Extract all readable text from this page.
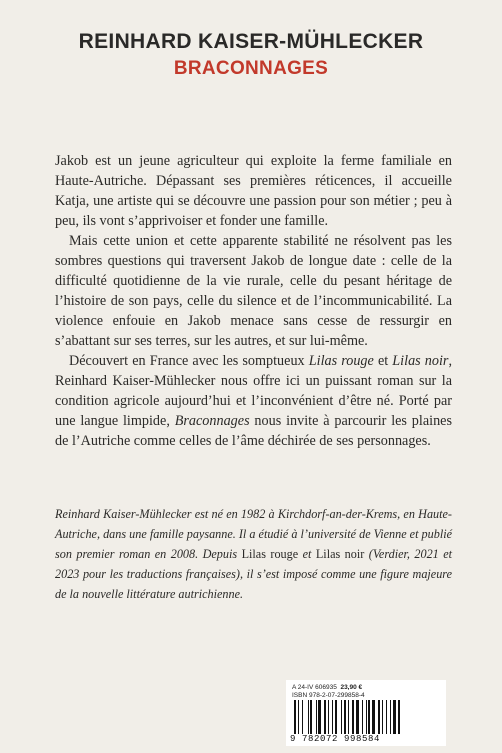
REINHARD KAISER-MÜHLECKER
BRACONNAGES

Jakob est un jeune agriculteur qui exploite la ferme familiale en Haute-Autriche. Dépassant ses premières réticences, il accueille Katja, une artiste qui se découvre une passion pour son métier ; peu à peu, ils vont s’apprivoiser et fonder une famille.

Mais cette union et cette apparente stabilité ne résolvent pas les sombres questions qui traversent Jakob de longue date : celle de la difficulté quotidienne de la vie rurale, celle du pesant héritage de l’histoire de son pays, celle du silence et de l’incommunicabilité. La violence enfouie en Jakob menace sans cesse de ressurgir en s’abattant sur ses terres, sur les autres, et sur lui-même.

Découvert en France avec les somptueux Lilas rouge et Lilas noir, Reinhard Kaiser-Mühlecker nous offre ici un puissant roman sur la condition agricole aujourd’hui et l’inconvénient d’être né. Porté par une langue limpide, Braconnages nous invite à parcourir les plaines de l’Autriche comme celles de l’âme déchirée de ses personnages.

Reinhard Kaiser-Mühlecker est né en 1982 à Kirchdorf-an-der-Krems, en Haute-Autriche, dans une famille paysanne. Il a étudié à l’université de Vienne et publié son premier roman en 2008. Depuis Lilas rouge et Lilas noir (Verdier, 2021 et 2023 pour les traductions françaises), il s’est imposé comme une figure majeure de la nouvelle littérature autrichienne.
A 24-IV 606935 23,90 €
ISBN 978-2-07-299858-4
9 782072 998584
